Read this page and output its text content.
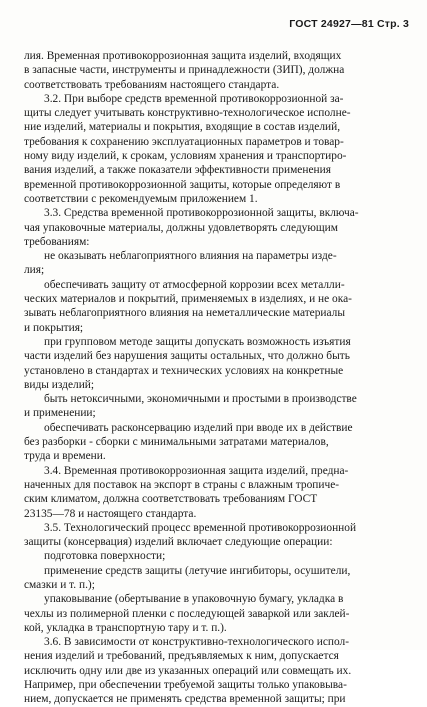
ГОСТ 24927—81 Стр. 3
лия. Временная противокоррозионная защита изделий, входящих
в запасные части, инструменты и принадлежности (ЗИП), должна
соответствовать требованиям настоящего стандарта.
3.2. При выборе средств временной противокоррозионной за-
щиты следует учитывать конструктивно-технологическое исполне-
ние изделий, материалы и покрытия, входящие в состав изделий,
требования к сохранению эксплуатационных параметров и товар-
ному виду изделий, к срокам, условиям хранения и транспортиро-
вания изделий, а также показатели эффективности применения
временной противокоррозионной защиты, которые определяют в
соответствии с рекомендуемым приложением 1.
3.3. Средства временной противокоррозионной защиты, включа-
чая упаковочные материалы, должны удовлетворять следующим
требованиям:
не оказывать неблагоприятного влияния на параметры изде-
лия;
обеспечивать защиту от атмосферной коррозии всех металли-
ческих материалов и покрытий, применяемых в изделиях, и не ока-
зывать неблагоприятного влияния на неметаллические материалы
и покрытия;
при групповом методе защиты допускать возможность изъятия
части изделий без нарушения защиты остальных, что должно быть
установлено в стандартах и технических условиях на конкретные
виды изделий;
быть нетоксичными, экономичными и простыми в производстве
и применении;
обеспечивать расконсервацию изделий при вводе их в действие
без разборки - сборки с минимальными затратами материалов,
труда и времени.
3.4. Временная противокоррозионная защита изделий, предна-
наченных для поставок на экспорт в страны с влажным тропиче-
ским климатом, должна соответствовать требованиям ГОСТ
23135—78 и настоящего стандарта.
3.5. Технологический процесс временной противокоррозионной
защиты (консервация) изделий включает следующие операции:
подготовка поверхности;
применение средств защиты (летучие ингибиторы, осушители,
смазки и т. п.);
упаковывание (обертывание в упаковочную бумагу, укладка в
чехлы из полимерной пленки с последующей заваркой или заклей-
кой, укладка в транспортную тару и т. п.).
3.6. В зависимости от конструктивно-технологического испол-
нения изделий и требований, предъявляемых к ним, допускается
исключить одну или две из указанных операций или совмещать их.
Например, при обеспечении требуемой защиты только упаковыва-
нием, допускается не применять средства временной защиты; при
